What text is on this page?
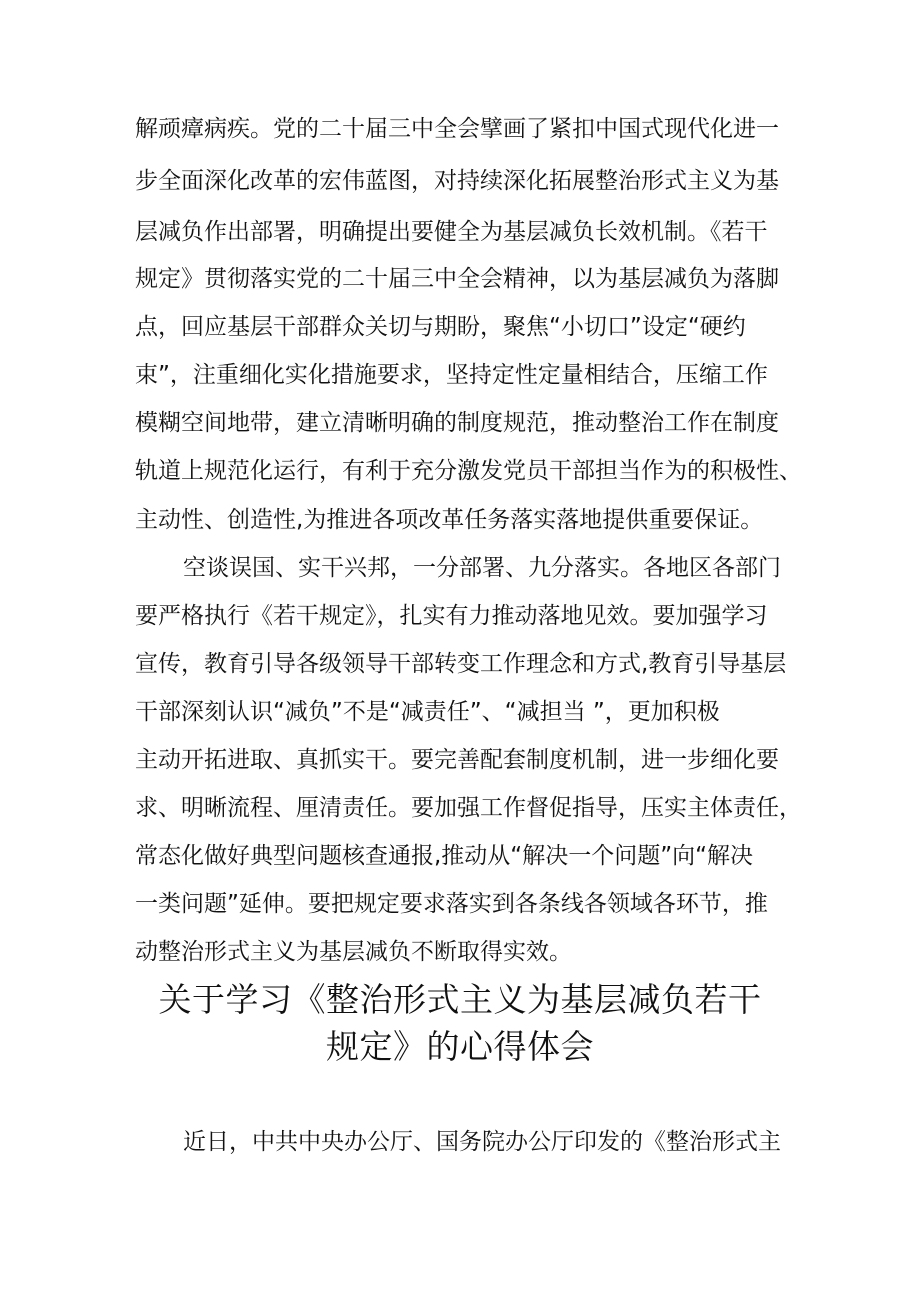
解顽瘴病疾。党的二十届三中全会擘画了紧扣中国式现代化进一
步全面深化改革的宏伟蓝图，对持续深化拓展整治形式主义为基
层减负作出部署，明确提出要健全为基层减负长效机制。《若干
规定》贯彻落实党的二十届三中全会精神，以为基层减负为落脚
点，回应基层干部群众关切与期盼，聚焦“小切口”设定“硬约
束”，注重细化实化措施要求，坚持定性定量相结合，压缩工作
模糊空间地带，建立清晰明确的制度规范，推动整治工作在制度
轨道上规范化运行，有利于充分激发党员干部担当作为的积极性、
主动性、创造性,为推进各项改革任务落实落地提供重要保证。
空谈误国、实干兴邦，一分部署、九分落实。各地区各部门
要严格执行《若干规定》，扎实有力推动落地见效。要加强学习
宣传，教育引导各级领导干部转变工作理念和方式,教育引导基层
干部深刻认识“减负”不是“减责任”、“减担当 ”，更加积极
主动开拓进取、真抓实干。要完善配套制度机制，进一步细化要
求、明晰流程、厘清责任。要加强工作督促指导，压实主体责任，
常态化做好典型问题核查通报,推动从“解决一个问题”向“解决
一类问题”延伸。要把规定要求落实到各条线各领域各环节，推
动整治形式主义为基层减负不断取得实效。
关于学习《整治形式主义为基层减负若干
规定》的心得体会
近日，中共中央办公厅、国务院办公厅印发的《整治形式主
